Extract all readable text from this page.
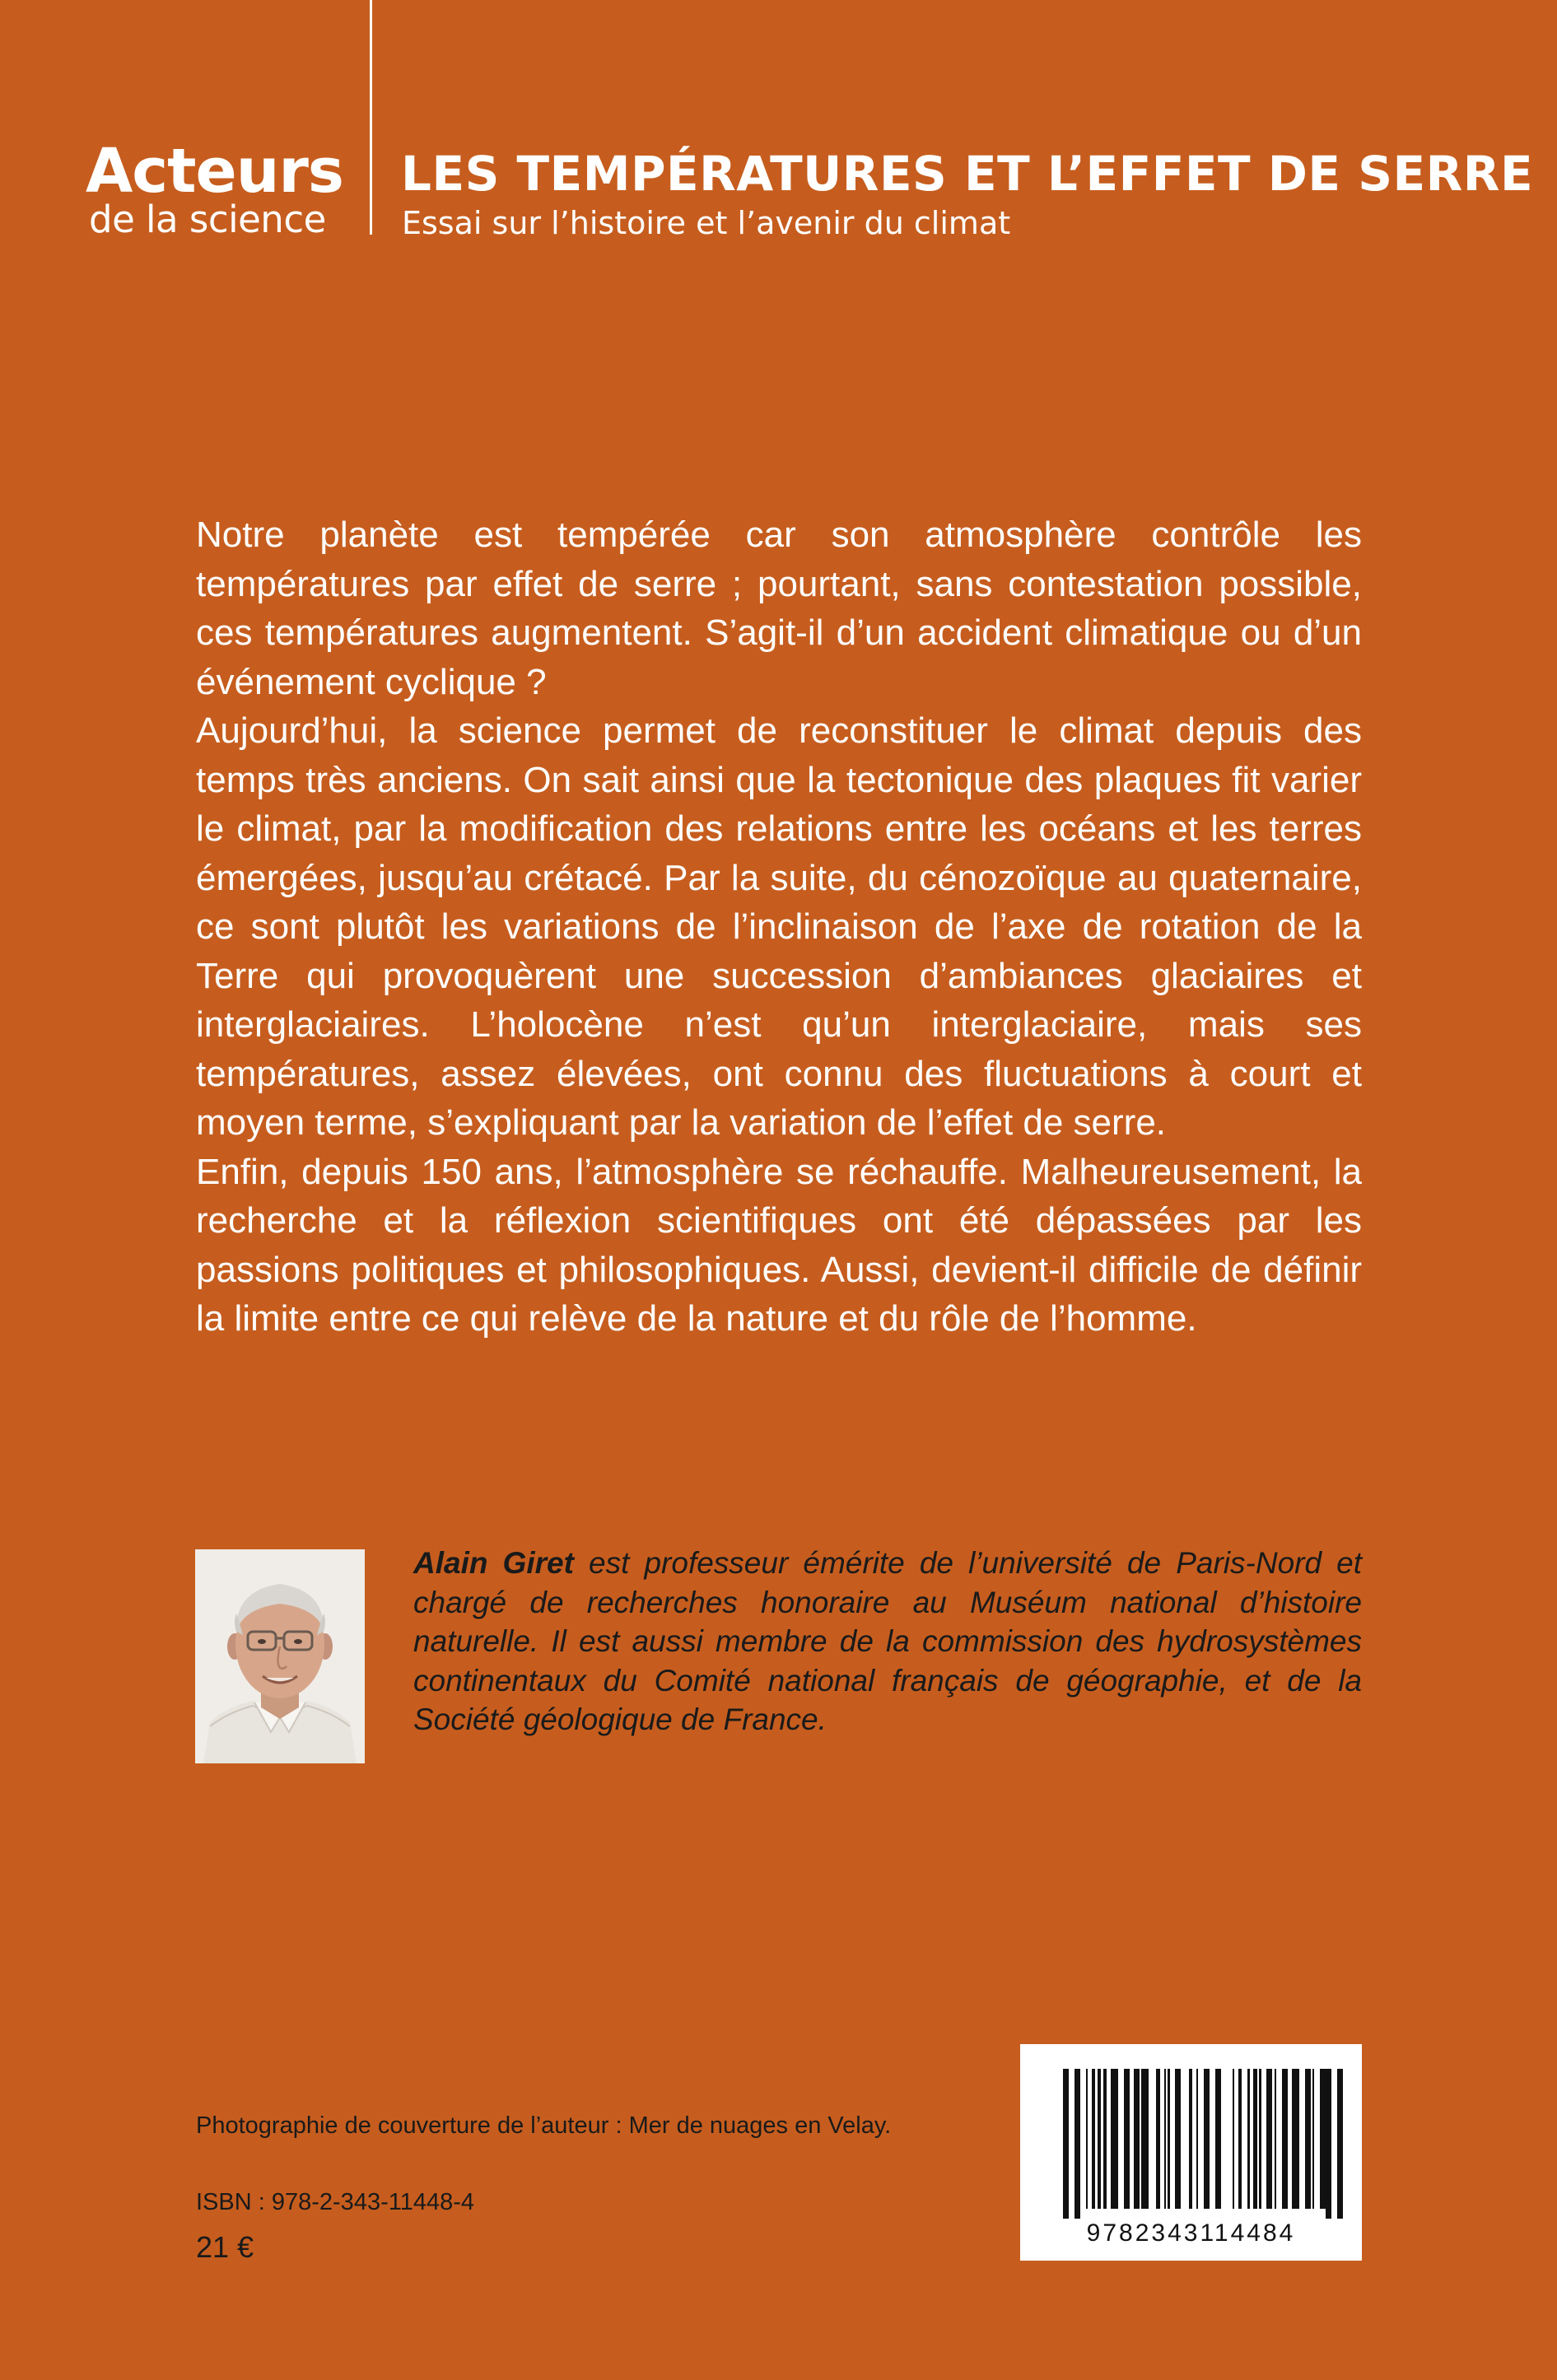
Acteurs
de la science
LES TEMPÉRATURES ET L’EFFET DE SERRE
Essai sur l’histoire et l’avenir du climat

Notre planète est tempérée car son atmosphère contrôle les températures par effet de serre ; pourtant, sans contestation possible, ces températures augmentent. S’agit-il d’un accident climatique ou d’un événement cyclique ?

Aujourd’hui, la science permet de reconstituer le climat depuis des temps très anciens. On sait ainsi que la tectonique des plaques fit varier le climat, par la modification des relations entre les océans et les terres émergées, jusqu’au crétacé. Par la suite, du cénozoïque au quaternaire, ce sont plutôt les variations de l’inclinaison de l’axe de rotation de la Terre qui provoquèrent une succession d’ambiances glaciaires et interglaciaires. L’holocène n’est qu’un interglaciaire, mais ses températures, assez élevées, ont connu des fluctuations à court et moyen terme, s’expliquant par la variation de l’effet de serre.

Enfin, depuis 150 ans, l’atmosphère se réchauffe. Malheureusement, la recherche et la réflexion scientifiques ont été dépassées par les passions politiques et philosophiques. Aussi, devient-il difficile de définir la limite entre ce qui relève de la nature et du rôle de l’homme.

Alain Giret est professeur émérite de l’université de Paris-Nord et chargé de recherches honoraire au Muséum national d’histoire naturelle. Il est aussi membre de la commission des hydrosystèmes continentaux du Comité national français de géographie, et de la Société géologique de France.

Photographie de couverture de l’auteur : Mer de nuages en Velay.
ISBN : 978-2-343-11448-4
21 €	9782343114484
